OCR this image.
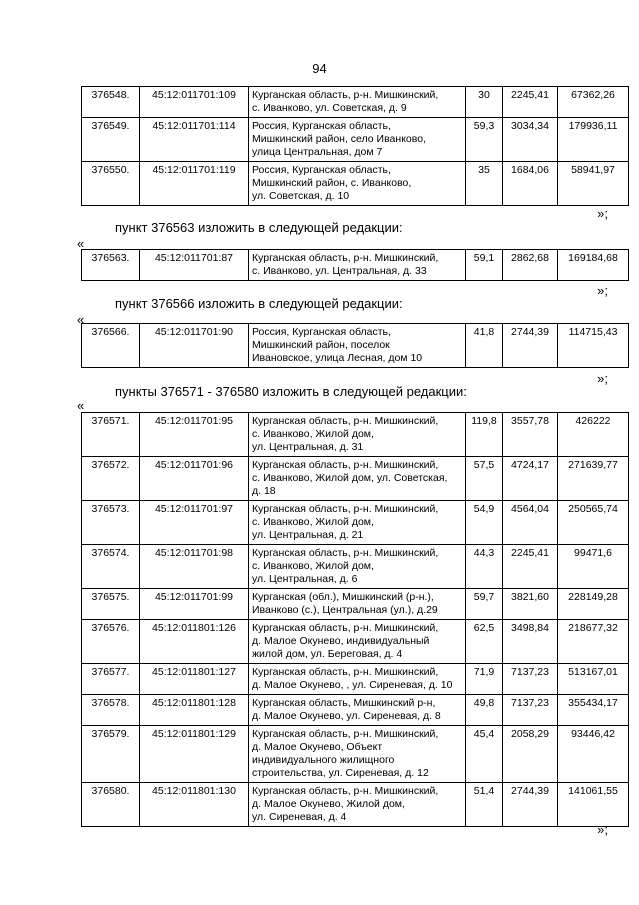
94
376548.	45:12:011701:109	Курганская область, р-н. Мишкинский,
с. Иванково, ул. Советская, д. 9	30	2245,41	67362,26
376549.	45:12:011701:114	Россия, Курганская область,
Мишкинский район, село Иванково,
улица Центральная, дом 7	59,3	3034,34	179936,11
376550.	45:12:011701:119	Россия, Курганская область,
Мишкинский район, с. Иванково,
ул. Советская, д. 10	35	1684,06	58941,97
»;
пункт 376563 изложить в следующей редакции:
«
376563.	45:12:011701:87	Курганская область, р-н. Мишкинский,
с. Иванково, ул. Центральная, д. 33	59,1	2862,68	169184,68
»;
пункт 376566 изложить в следующей редакции:
«
376566.	45:12:011701:90	Россия, Курганская область,
Мишкинский район, поселок
Ивановское, улица Лесная, дом 10	41,8	2744,39	114715,43
»;
пункты 376571 - 376580 изложить в следующей редакции:
«
376571.	45:12:011701:95	Курганская область, р-н. Мишкинский,
с. Иванково, Жилой дом,
ул. Центральная, д. 31	119,8	3557,78	426222
376572.	45:12:011701:96	Курганская область, р-н. Мишкинский,
с. Иванково, Жилой дом, ул. Советская,
д. 18	57,5	4724,17	271639,77
376573.	45:12:011701:97	Курганская область, р-н. Мишкинский,
с. Иванково, Жилой дом,
ул. Центральная, д. 21	54,9	4564,04	250565,74
376574.	45:12:011701:98	Курганская область, р-н. Мишкинский,
с. Иванково, Жилой дом,
ул. Центральная, д. 6	44,3	2245,41	99471,6
376575.	45:12:011701:99	Курганская (обл.), Мишкинский (р-н.),
Иванково (с.), Центральная (ул.), д.29	59,7	3821,60	228149,28
376576.	45:12:011801:126	Курганская область, р-н. Мишкинский,
д. Малое Окунево, индивидуальный
жилой дом, ул. Береговая, д. 4	62,5	3498,84	218677,32
376577.	45:12:011801:127	Курганская область, р-н. Мишкинский,
д. Малое Окунево, , ул. Сиреневая, д. 10	71,9	7137,23	513167,01
376578.	45:12:011801:128	Курганская область, Мишкинский р-н,
д. Малое Окунево, ул. Сиреневая, д. 8	49,8	7137,23	355434,17
376579.	45:12:011801:129	Курганская область, р-н. Мишкинский,
д. Малое Окунево, Объект
индивидуального жилищного
строительства, ул. Сиреневая, д. 12	45,4	2058,29	93446,42
376580.	45:12:011801:130	Курганская область, р-н. Мишкинский,
д. Малое Окунево, Жилой дом,
ул. Сиреневая, д. 4	51,4	2744,39	141061,55
»;
